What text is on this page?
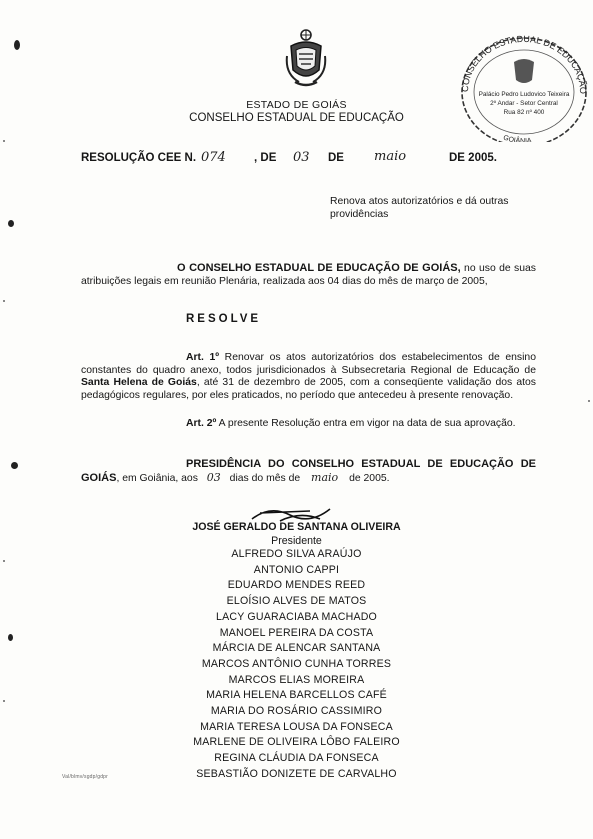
ESTADO DE GOIÁS
CONSELHO ESTADUAL DE EDUCAÇÃO
CONSELHO ESTADUAL DE EDUCAÇÃO
Palácio Pedro Ludovico Teixeira
2º Andar - Setor Central
Rua 82 nº 400
GOIÂNIA
RESOLUÇÃO CEE N. 074 , DE 03 DE maio	DE 2005.
Renova atos autorizatórios e dá outras providências

O CONSELHO ESTADUAL DE EDUCAÇÃO DE GOIÁS, no uso de suas atribuições legais em reunião Plenária, realizada aos 04 dias do mês de março de 2005,

RESOLVE

Art. 1º Renovar os atos autorizatórios dos estabelecimentos de ensino constantes do quadro anexo, todos jurisdicionados à Subsecretaria Regional de Educação de Santa Helena de Goiás, até 31 de dezembro de 2005, com a conseqüente validação dos atos pedagógicos regulares, por eles praticados, no período que antecedeu à presente renovação.

Art. 2º A presente Resolução entra em vigor na data de sua aprovação.

PRESIDÊNCIA DO CONSELHO ESTADUAL DE EDUCAÇÃO DE GOIÁS, em Goiânia, aos 03 dias do mês de maio de 2005.

JOSÉ GERALDO DE SANTANA OLIVEIRA
Presidente
ALFREDO SILVA ARAÚJO
ANTONIO CAPPI
EDUARDO MENDES REED
ELOÍSIO ALVES DE MATOS
LACY GUARACIABA MACHADO
MANOEL PEREIRA DA COSTA
MÁRCIA DE ALENCAR SANTANA
MARCOS ANTÔNIO CUNHA TORRES
MARCOS ELIAS MOREIRA
MARIA HELENA BARCELLOS CAFÉ
MARIA DO ROSÁRIO CASSIMIRO
MARIA TERESA LOUSA DA FONSECA
MARLENE DE OLIVEIRA LÔBO FALEIRO
REGINA CLÁUDIA DA FONSECA
SEBASTIÃO DONIZETE DE CARVALHO
Val/blmv/sgdp/gdpr
